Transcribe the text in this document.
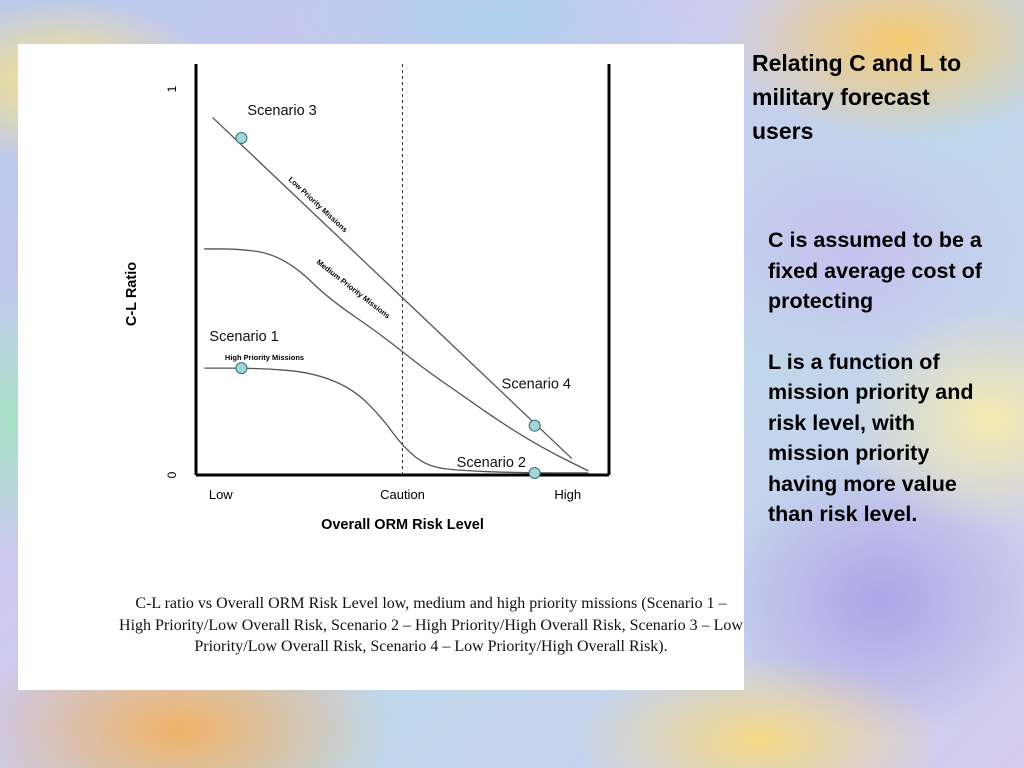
Low Priority Missions
Medium Priority Missions
High Priority Missions
Low	Caution	High
0
1
Overall ORM Risk Level
C-L Ratio
Scenario 1
Scenario 2
Scenario 3
Scenario 4
C-L ratio vs Overall ORM Risk Level low, medium and high priority missions (Scenario 1 – High Priority/Low Overall Risk, Scenario 2 – High Priority/High Overall Risk, Scenario 3 – Low Priority/Low Overall Risk, Scenario 4 – Low Priority/High Overall Risk).
Relating C and L to military forecast users

C is assumed to be a fixed average cost of protecting

L is a function of mission priority and risk level, with mission priority having more value than risk level.
